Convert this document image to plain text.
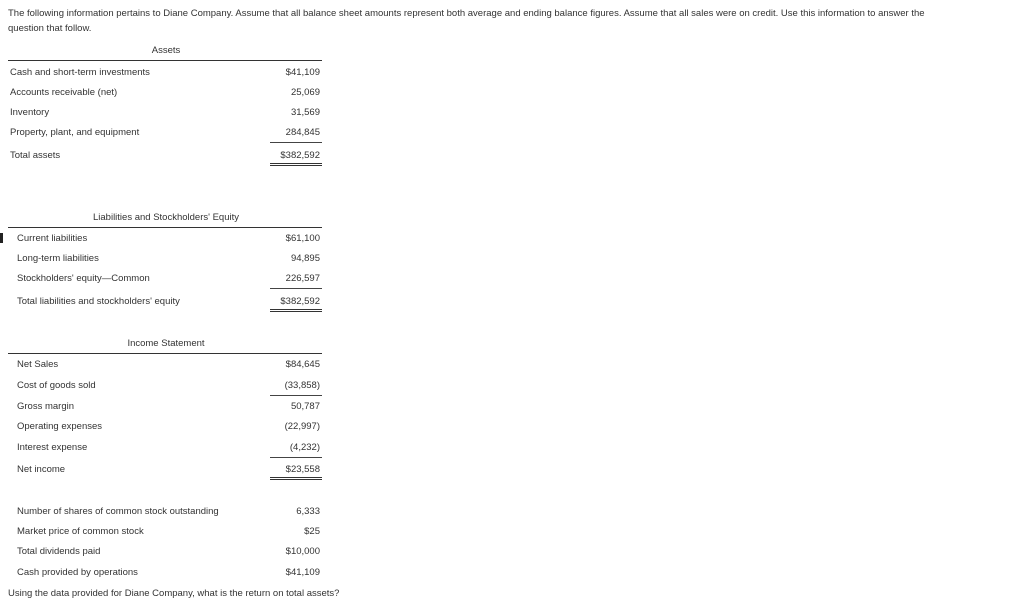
The following information pertains to Diane Company. Assume that all balance sheet amounts represent both average and ending balance figures. Assume that all sales were on credit. Use this information to answer the
question that follow.
Assets
Cash and short-term investments	$41,109
Accounts receivable (net)	25,069
Inventory	31,569
Property, plant, and equipment	284,845
Total assets	$382,592
Liabilities and Stockholders' Equity
Current liabilities	$61,100
Long-term liabilities	94,895
Stockholders' equity—Common	226,597
Total liabilities and stockholders' equity	$382,592
Income Statement
Net Sales	$84,645
Cost of goods sold	(33,858)
Gross margin	50,787
Operating expenses	(22,997)
Interest expense	(4,232)
Net income	$23,558
Number of shares of common stock outstanding	6,333
Market price of common stock	$25
Total dividends paid	$10,000
Cash provided by operations	$41,109
Using the data provided for Diane Company, what is the return on total assets?
